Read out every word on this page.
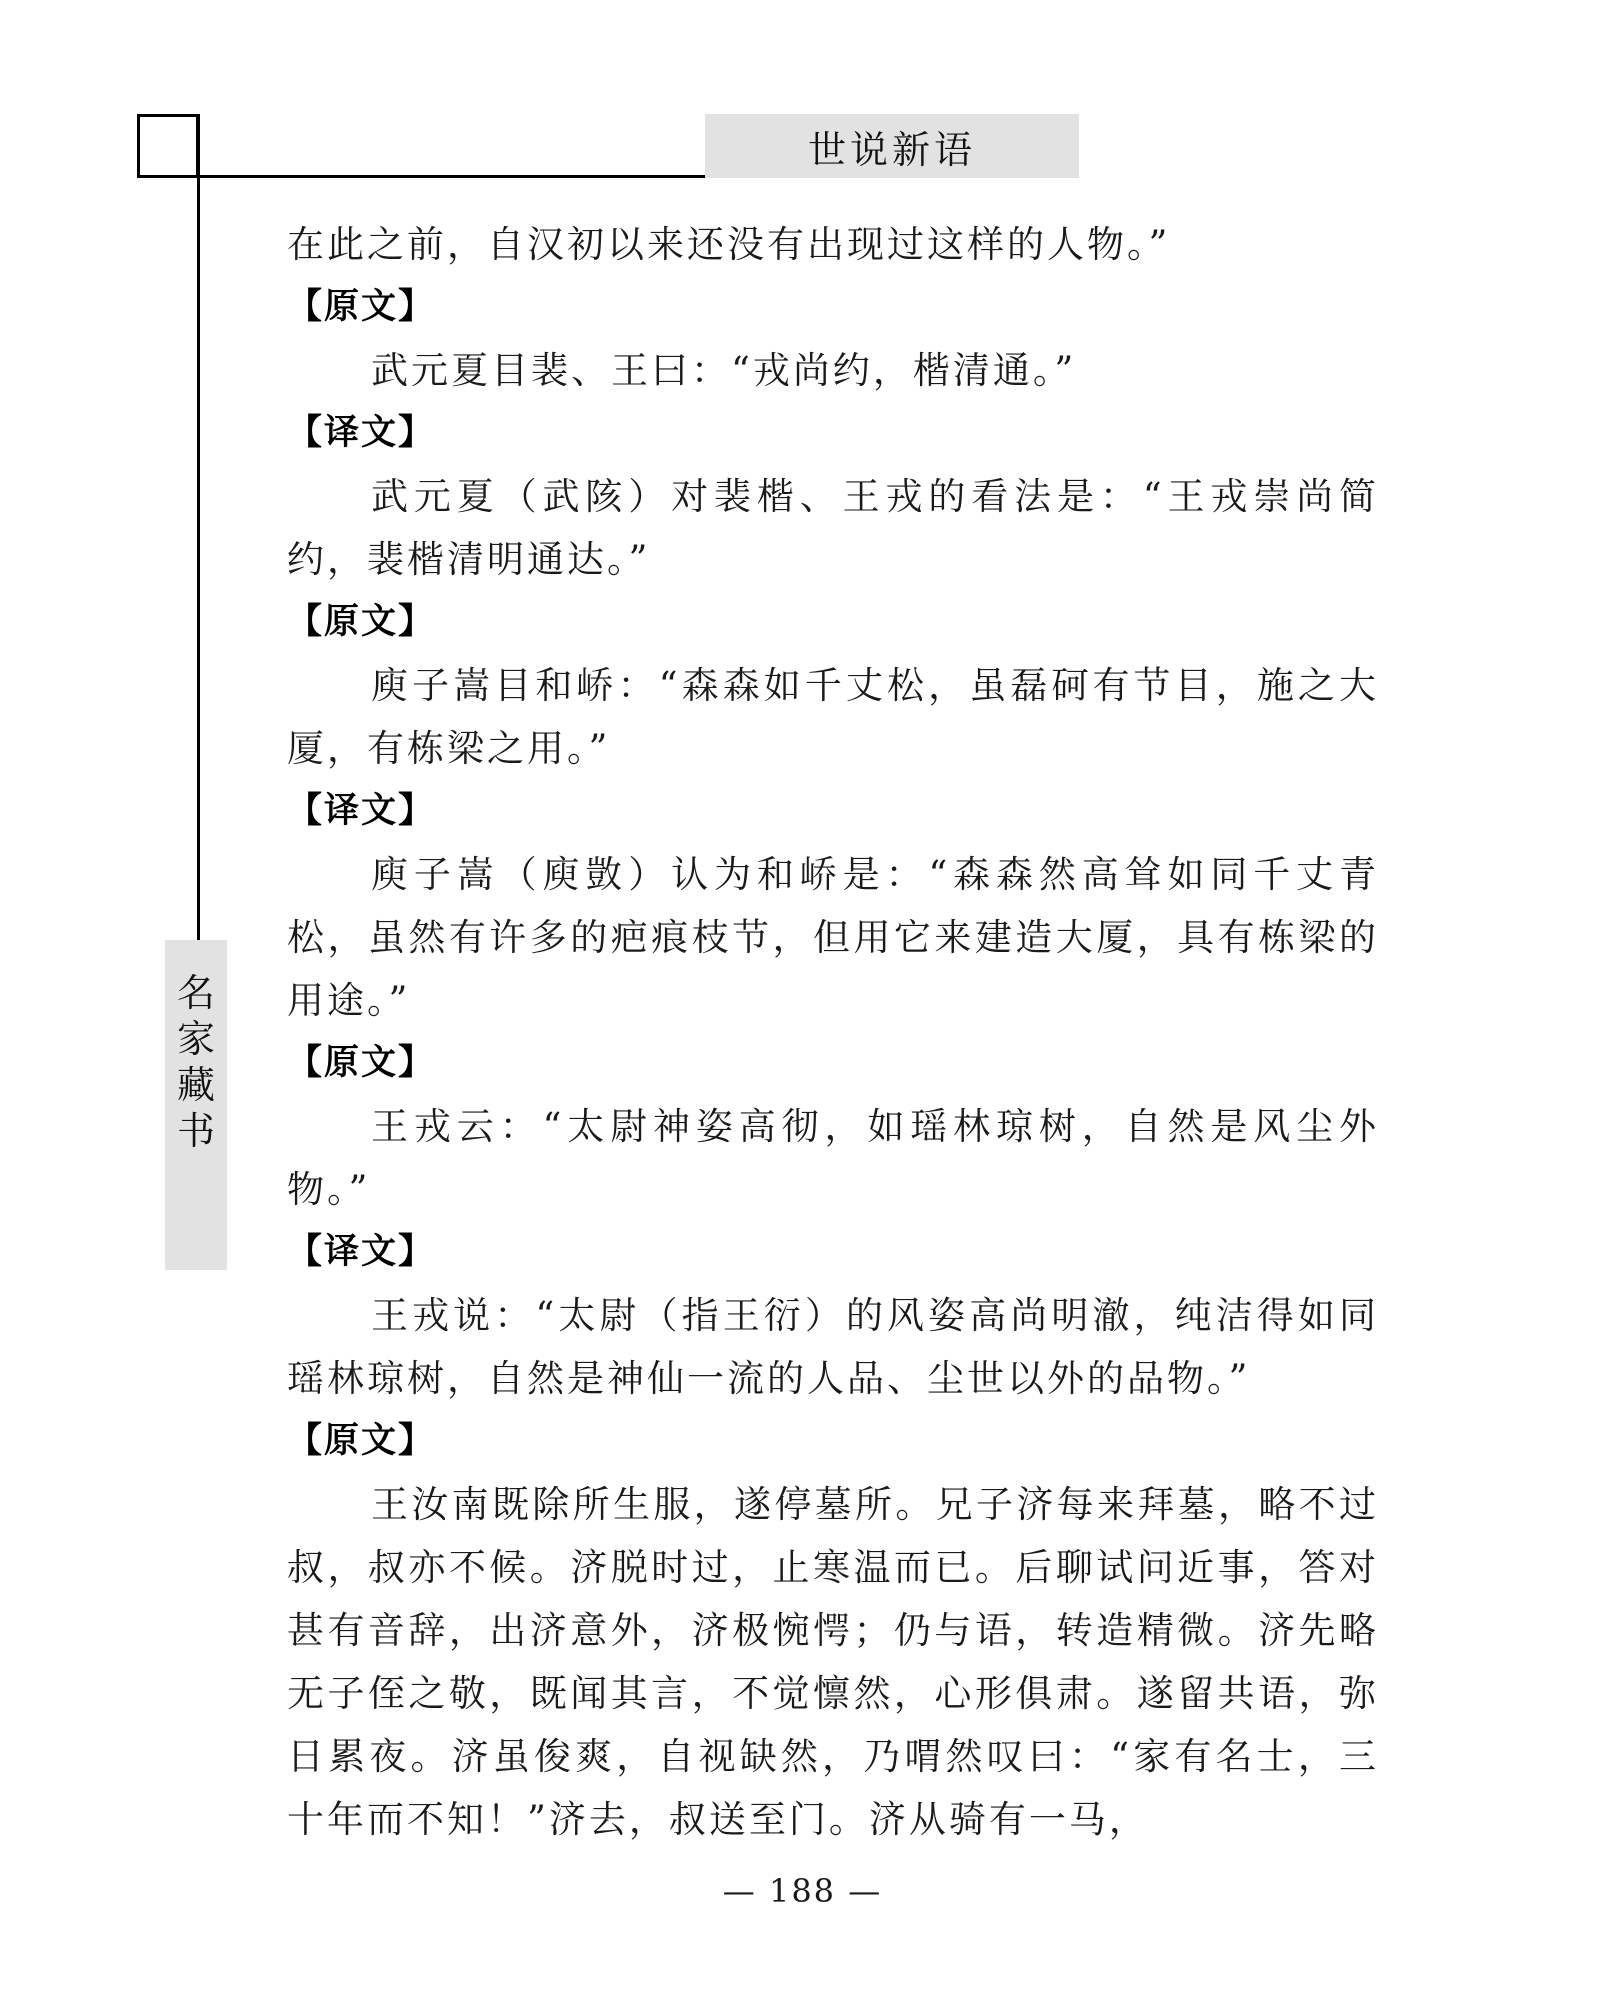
世说新语
名
家
藏
书

在此之前，自汉初以来还没有出现过这样的人物。”

【原文】

武元夏目裴、王曰：“戎尚约，楷清通。”

【译文】

武元夏（武陔）对裴楷、王戎的看法是：“王戎崇尚简约，裴楷清明通达。”

【原文】

庾子嵩目和峤：“森森如千丈松，虽磊砢有节目，施之大厦，有栋梁之用。”

【译文】

庾子嵩（庾敳）认为和峤是：“森森然高耸如同千丈青松，虽然有许多的疤痕枝节，但用它来建造大厦，具有栋梁的用途。”

【原文】

王戎云：“太尉神姿高彻，如瑶林琼树，自然是风尘外物。”

【译文】

王戎说：“太尉（指王衍）的风姿高尚明澈，纯洁得如同瑶林琼树，自然是神仙一流的人品、尘世以外的品物。”

【原文】

王汝南既除所生服，遂停墓所。兄子济每来拜墓，略不过叔，叔亦不候。济脱时过，止寒温而已。后聊试问近事，答对甚有音辞，出济意外，济极惋愕；仍与语，转造精微。济先略无子侄之敬，既闻其言，不觉懔然，心形俱肃。遂留共语，弥日累夜。济虽俊爽，自视缺然，乃喟然叹曰：“家有名士，三十年而不知！”济去，叔送至门。济从骑有一马，

— 188 —
